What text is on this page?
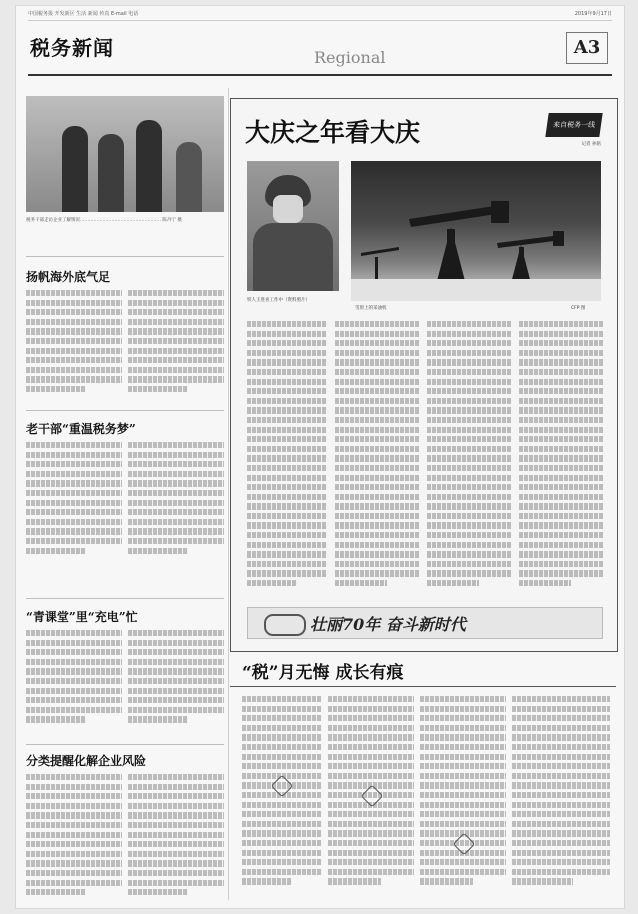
中国税务报 开发新区 生活 新闻 传真 E-mail 电话	2019年9月17日
税务新闻	Regional	A3
税务干部走访企业了解情况……………………………………………… 陈丹宁 摄
扬帆海外底气足
老干部“重温税务梦”
“青课堂”里“充电”忙
分类提醒化解企业风险
大庆之年看大庆	来自税务一线
记者 孙铭
铁人王进喜工作中（资料照片）
雪原上的采油机	CFP 图
壮丽70年 奋斗新时代
“税”月无悔 成长有痕
